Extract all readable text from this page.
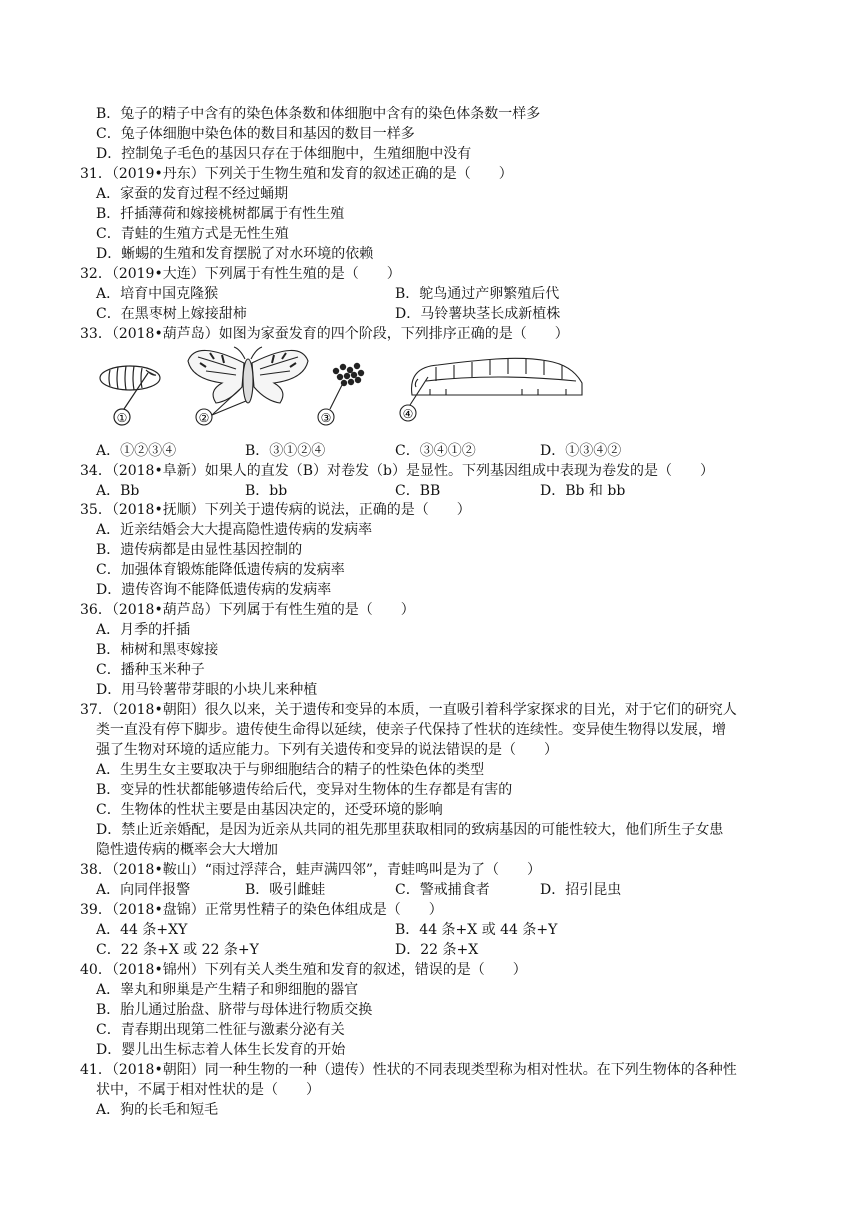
B．兔子的精子中含有的染色体条数和体细胞中含有的染色体条数一样多
C．兔子体细胞中染色体的数目和基因的数目一样多
D．控制兔子毛色的基因只存在于体细胞中，生殖细胞中没有
31．（2019•丹东）下列关于生物生殖和发育的叙述正确的是（　　）
A．家蚕的发育过程不经过蛹期
B．扦插薄荷和嫁接桃树都属于有性生殖
C．青蛙的生殖方式是无性生殖
D．蜥蜴的生殖和发育摆脱了对水环境的依赖
32．（2019•大连）下列属于有性生殖的是（　　）
A．培育中国克隆猴	B．鸵鸟通过产卵繁殖后代
C．在黑枣树上嫁接甜柿	D．马铃薯块茎长成新植株
33．（2018•葫芦岛）如图为家蚕发育的四个阶段，下列排序正确的是（　　）
①	②	③	④
A．①②③④	B．③①②④	C．③④①②	D．①③④②
34．（2018•阜新）如果人的直发（B）对卷发（b）是显性。下列基因组成中表现为卷发的是（　　）
A．Bb	B．bb	C．BB	D．Bb 和 bb
35．（2018•抚顺）下列关于遗传病的说法，正确的是（　　）
A．近亲结婚会大大提高隐性遗传病的发病率
B．遗传病都是由显性基因控制的
C．加强体育锻炼能降低遗传病的发病率
D．遗传咨询不能降低遗传病的发病率
36．（2018•葫芦岛）下列属于有性生殖的是（　　）
A．月季的扦插
B．柿树和黑枣嫁接
C．播种玉米种子
D．用马铃薯带芽眼的小块儿来种植
37．（2018•朝阳）很久以来，关于遗传和变异的本质，一直吸引着科学家探求的目光，对于它们的研究人
类一直没有停下脚步。遗传使生命得以延续，使亲子代保持了性状的连续性。变异使生物得以发展，增
强了生物对环境的适应能力。下列有关遗传和变异的说法错误的是（　　）
A．生男生女主要取决于与卵细胞结合的精子的性染色体的类型
B．变异的性状都能够遗传给后代，变异对生物体的生存都是有害的
C．生物体的性状主要是由基因决定的，还受环境的影响
D．禁止近亲婚配，是因为近亲从共同的祖先那里获取相同的致病基因的可能性较大，他们所生子女患
隐性遗传病的概率会大大增加
38．（2018•鞍山）“雨过浮萍合，蛙声满四邻”，青蛙鸣叫是为了（　　）
A．向同伴报警	B．吸引雌蛙	C．警戒捕食者	D．招引昆虫
39．（2018•盘锦）正常男性精子的染色体组成是（　　）
A．44 条+XY	B．44 条+X 或 44 条+Y
C．22 条+X 或 22 条+Y	D．22 条+X
40．（2018•锦州）下列有关人类生殖和发育的叙述，错误的是（　　）
A．睾丸和卵巢是产生精子和卵细胞的器官
B．胎儿通过胎盘、脐带与母体进行物质交换
C．青春期出现第二性征与激素分泌有关
D．婴儿出生标志着人体生长发育的开始
41．（2018•朝阳）同一种生物的一种（遗传）性状的不同表现类型称为相对性状。在下列生物体的各种性
状中，不属于相对性状的是（　　）
A．狗的长毛和短毛
